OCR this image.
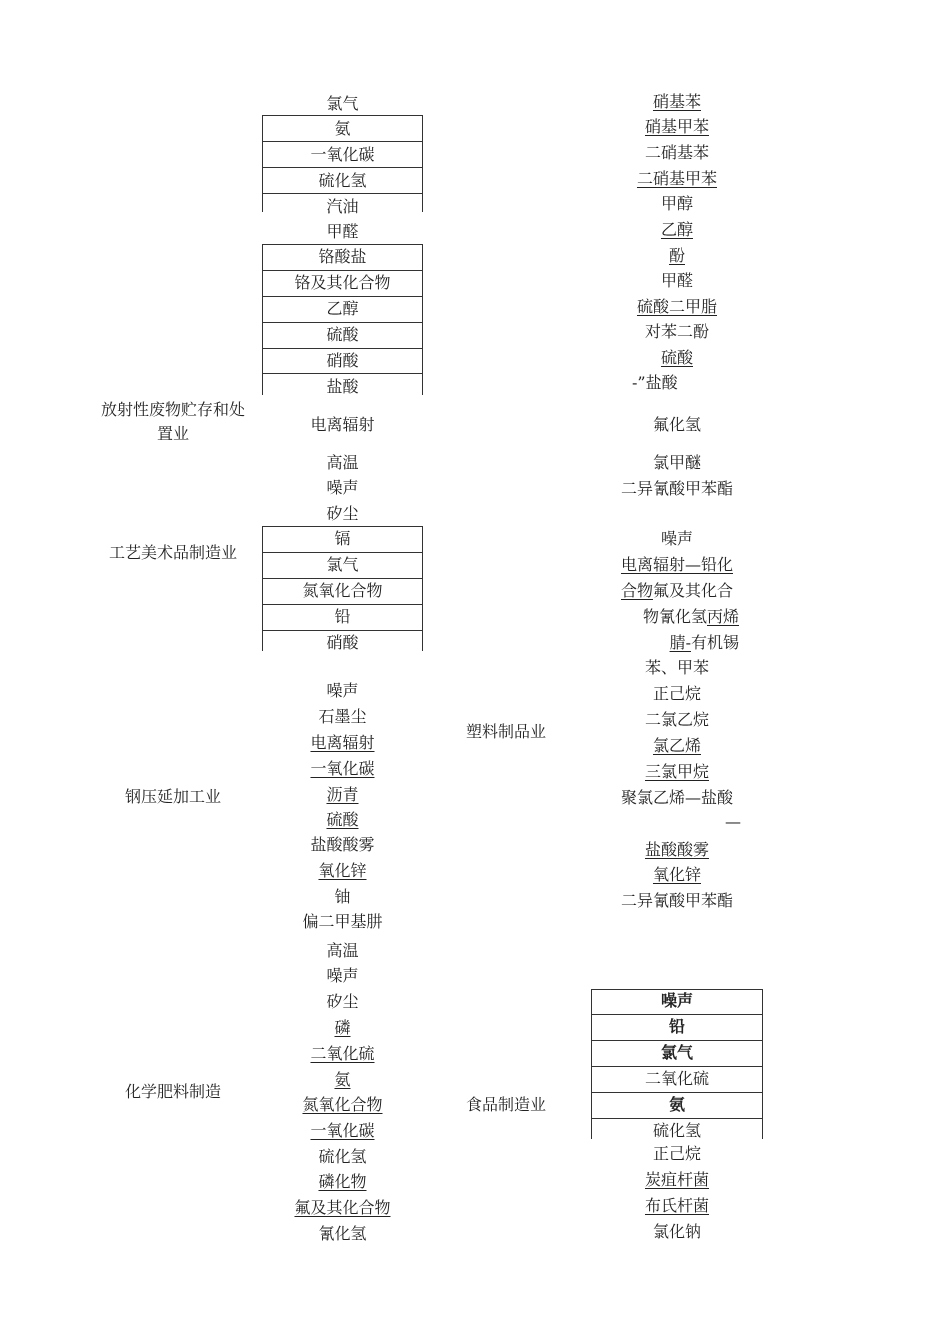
放射性废物贮存和处
置业
工艺美术品制造业
钢压延加工业
化学肥料制造
塑料制品业
食品制造业
氯气
氨
一氧化碳
硫化氢
汽油
甲醛
铬酸盐
铬及其化合物
乙醇
硫酸
硝酸
盐酸
电离辐射
高温
噪声
矽尘
镉
氯气
氮氧化合物
铅
硝酸
噪声
石墨尘
电离辐射
一氧化碳
沥青
硫酸
盐酸酸雾
氧化锌
铀
偏二甲基肼
高温
噪声
矽尘
磷
二氧化硫
氨
氮氧化合物
一氧化碳
硫化氢
磷化物
氟及其化合物
氰化氢
硝基苯
硝基甲苯
二硝基苯
二硝基甲苯
甲醇
乙醇
酚
甲醛
硫酸二甲脂
对苯二酚
硫酸
-”盐酸
氟化氢
氯甲醚
二异氰酸甲苯酯
噪声
电离辐射—铅化
合物氟及其化合
物氰化氢丙烯
腈-有机锡
苯、甲苯
正己烷
二氯乙烷
氯乙烯
三氯甲烷
聚氯乙烯—盐酸
—
盐酸酸雾
氧化锌
二异氰酸甲苯酯
噪声
铅
氯气
二氧化硫
氨
硫化氢
正己烷
炭疽杆菌
布氏杆菌
氯化钠
